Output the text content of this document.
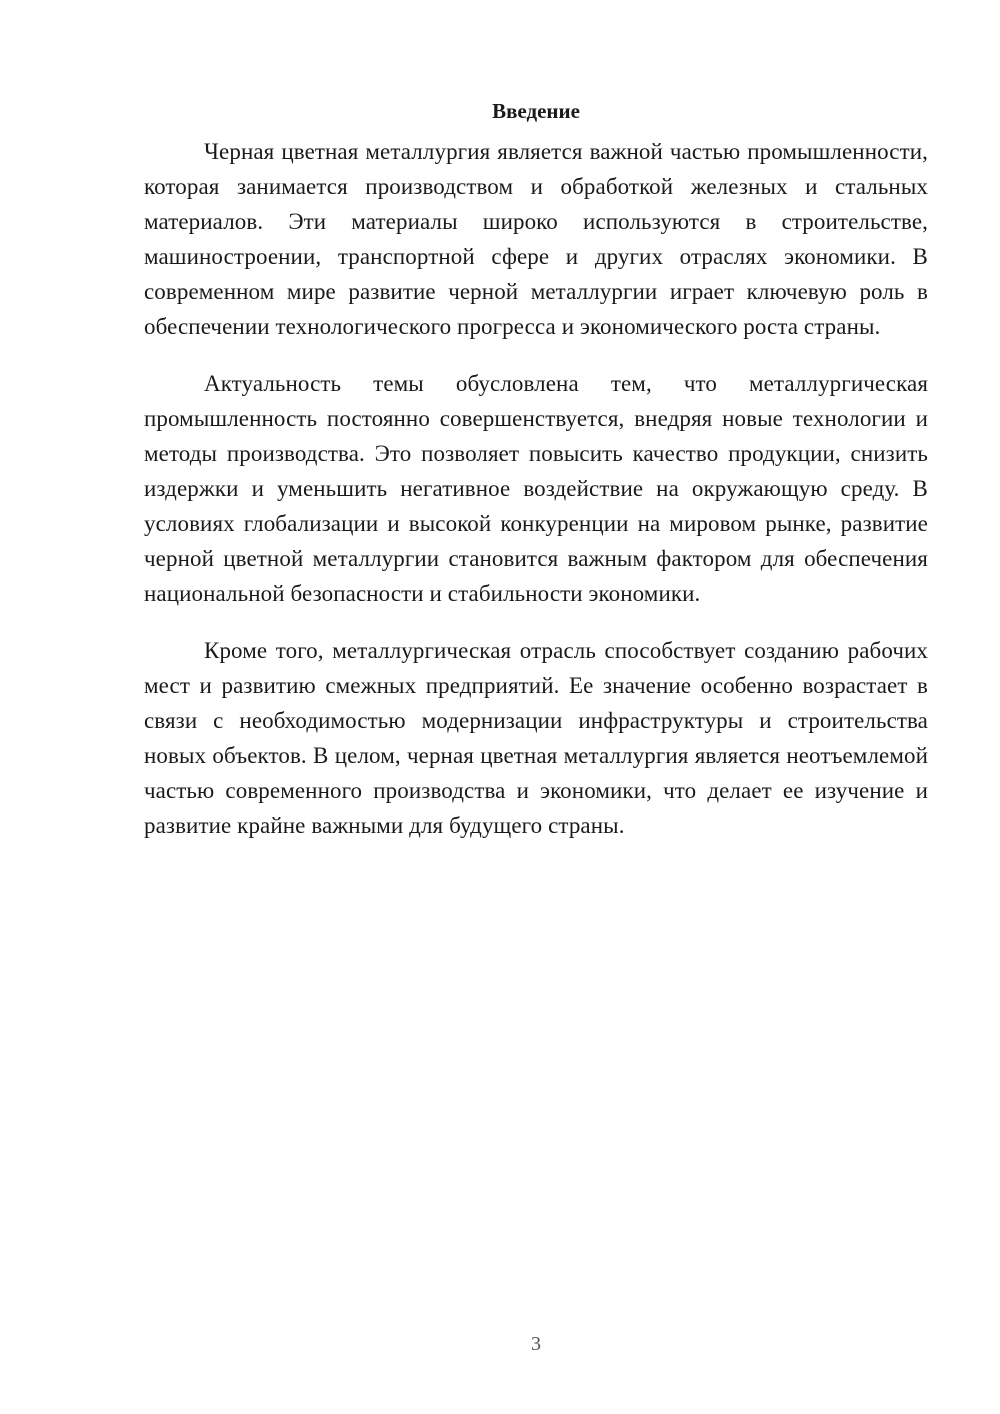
Введение

Черная цветная металлургия является важной частью промышленности, которая занимается производством и обработкой железных и стальных материалов. Эти материалы широко используются в строительстве, машиностроении, транспортной сфере и других отраслях экономики. В современном мире развитие черной металлургии играет ключевую роль в обеспечении технологического прогресса и экономического роста страны.

Актуальность темы обусловлена тем, что металлургическая промышленность постоянно совершенствуется, внедряя новые технологии и методы производства. Это позволяет повысить качество продукции, снизить издержки и уменьшить негативное воздействие на окружающую среду. В условиях глобализации и высокой конкуренции на мировом рынке, развитие черной цветной металлургии становится важным фактором для обеспечения национальной безопасности и стабильности экономики.

Кроме того, металлургическая отрасль способствует созданию рабочих мест и развитию смежных предприятий. Ее значение особенно возрастает в связи с необходимостью модернизации инфраструктуры и строительства новых объектов. В целом, черная цветная металлургия является неотъемлемой частью современного производства и экономики, что делает ее изучение и развитие крайне важными для будущего страны.

3
